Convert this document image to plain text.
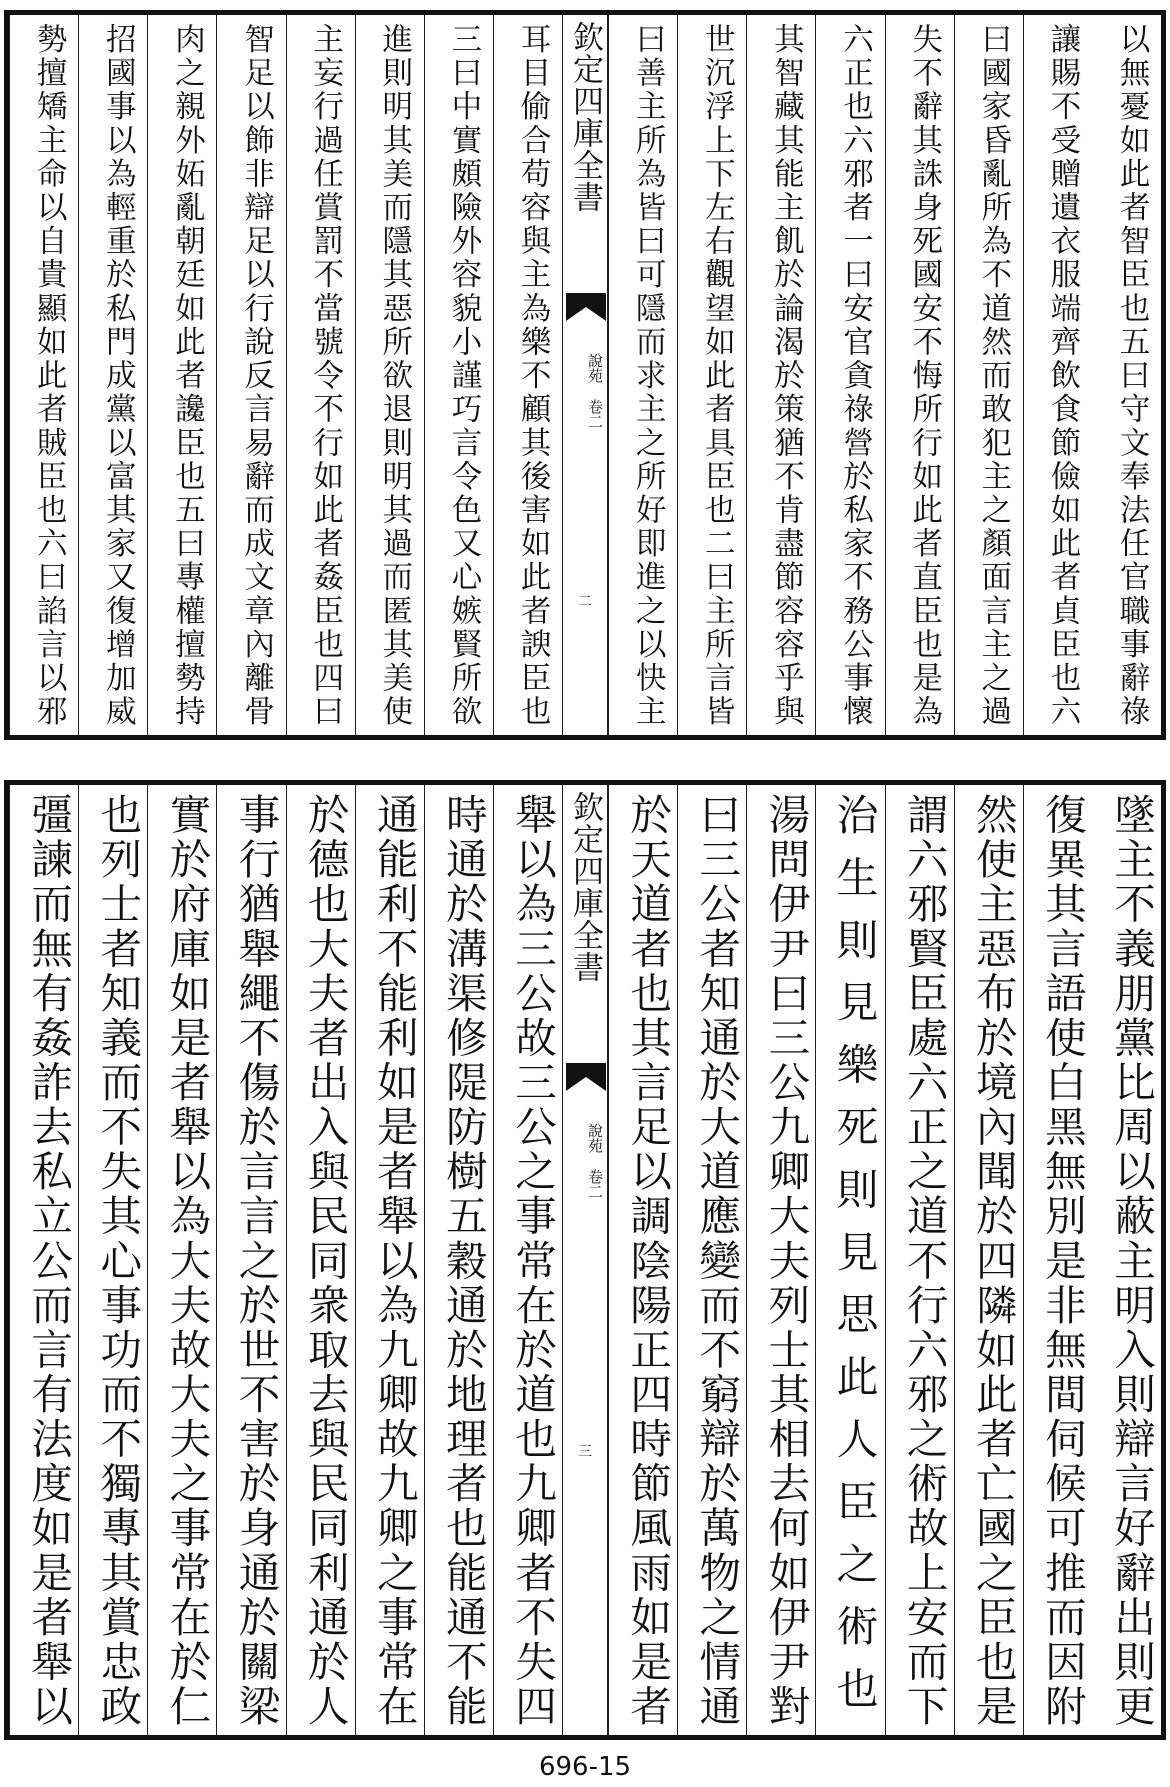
以無憂如此者智臣也五曰守文奉法任官職事辭祿
讓賜不受贈遺衣服端齊飲食節儉如此者貞臣也六
曰國家昏亂所為不道然而敢犯主之顏面言主之過
失不辭其誅身死國安不悔所行如此者直臣也是為
六正也六邪者一曰安官貪祿營於私家不務公事懷
其智藏其能主飢於論渴於策猶不肯盡節容容乎與
世沉浮上下左右觀望如此者具臣也二曰主所言皆
曰善主所為皆曰可隱而求主之所好即進之以快主
欽定四庫全書
說苑
卷二
二
耳目偷合苟容與主為樂不顧其後害如此者諛臣也
三曰中實頗險外容貌小謹巧言令色又心嫉賢所欲
進則明其美而隱其惡所欲退則明其過而匿其美使
主妄行過任賞罰不當號令不行如此者姦臣也四曰
智足以飾非辯足以行說反言易辭而成文章內離骨
肉之親外妬亂朝廷如此者讒臣也五曰專權擅勢持
招國事以為輕重於私門成黨以富其家又復增加威
勢擅矯主命以自貴顯如此者賊臣也六曰諂言以邪
墜主不義朋黨比周以蔽主明入則辯言好辭出則更
復異其言語使白黑無別是非無間伺候可推而因附
然使主惡布於境內聞於四隣如此者亡國之臣也是
謂六邪賢臣處六正之道不行六邪之術故上安而下
治生則見樂死則見思此人臣之術也
湯問伊尹曰三公九卿大夫列士其相去何如伊尹對
曰三公者知通於大道應變而不窮辯於萬物之情通
於天道者也其言足以調陰陽正四時節風雨如是者
欽定四庫全書
說苑
卷二
三
舉以為三公故三公之事常在於道也九卿者不失四
時通於溝渠修隄防樹五穀通於地理者也能通不能
通能利不能利如是者舉以為九卿故九卿之事常在
於德也大夫者出入與民同衆取去與民同利通於人
事行猶舉繩不傷於言言之於世不害於身通於關梁
實於府庫如是者舉以為大夫故大夫之事常在於仁
也列士者知義而不失其心事功而不獨專其賞忠政
彊諫而無有姦詐去私立公而言有法度如是者舉以
696-15
